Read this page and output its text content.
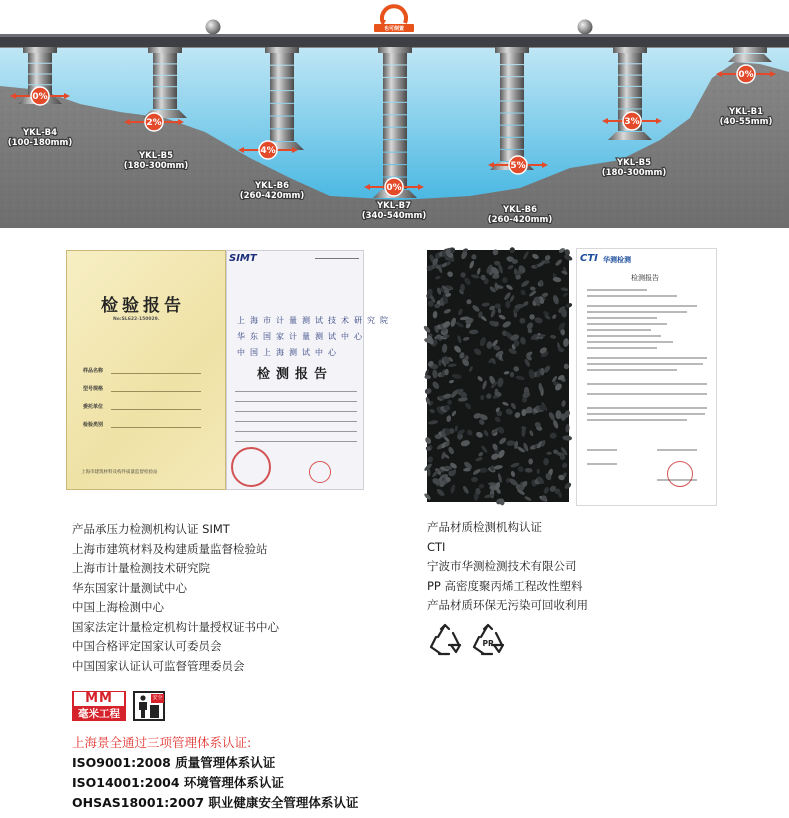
也可倒置
0%
YKL-B4
(100-180mm)
2%
YKL-B5
(180-300mm)
4%
YKL-B6
(260-420mm)
0%
YKL-B7
(340-540mm)
5%
YKL-B6
(260-420mm)
3%
YKL-B5
(180-300mm)
0%
YKL-B1
(40-55mm)
检验报告
No:SL622-150029.
样品名称
型号规格
委托单位
检验类别
上海市建筑材料及构件质量监督检验站
SIMT
上海市计量测试技术研究院
华东国家计量测试中心
中国上海测试中心
检测报告
CTI 华测检测
检测报告
产品承压力检测机构认证 SIMT
上海市建筑材料及构建质量监督检验站
上海市计量检测技术研究院
华东国家计量测试中心
中国上海检测中心
国家法定计量检定机构计量授权证书中心
中国合格评定国家认可委员会
中国国家认证认可监督管理委员会
产品材质检测机构认证
CTI
宁波市华测检测技术有限公司
PP 高密度聚丙烯工程改性塑料
产品材质环保无污染可回收利用
PP
MM
毫米工程
安全
上海景全通过三项管理体系认证:
ISO9001:2008 质量管理体系认证
ISO14001:2004 环境管理体系认证
OHSAS18001:2007 职业健康安全管理体系认证
